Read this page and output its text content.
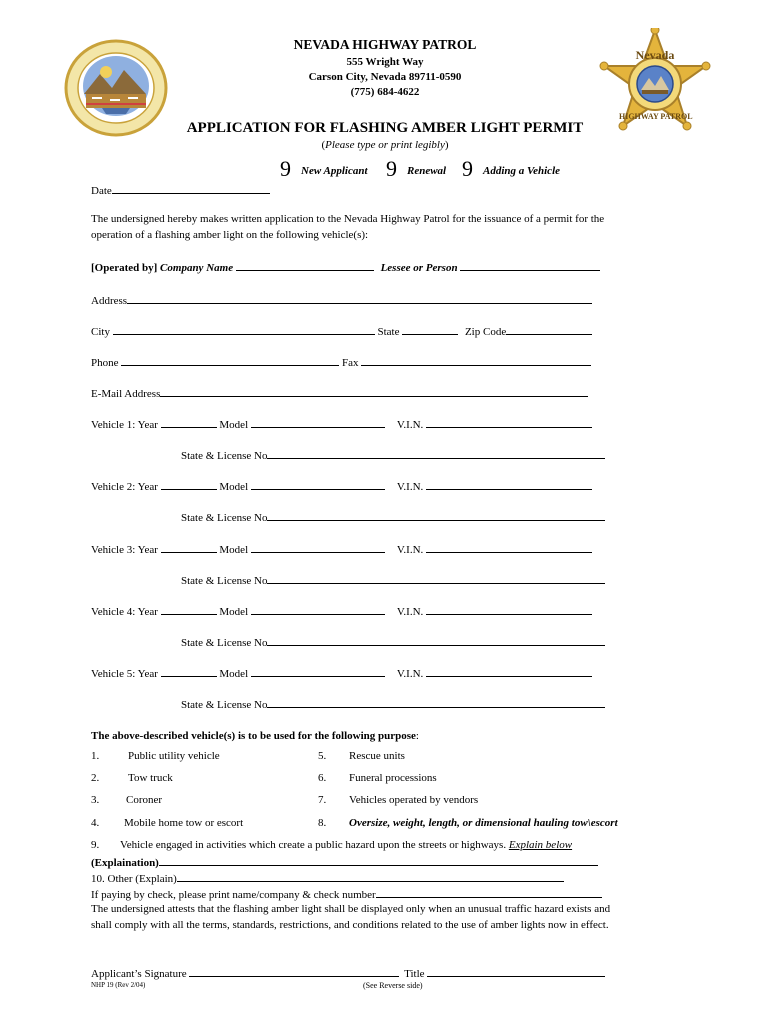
Nevada
HIGHWAY PATROL
NEVADA HIGHWAY PATROL
555 Wright Way
Carson City, Nevada 89711-0590
(775) 684-4622
APPLICATION FOR FLASHING AMBER LIGHT PERMIT
(Please type or print legibly)
9 New Applicant 9 Renewal 9 Adding a Vehicle
Date
The undersigned hereby makes written application to the Nevada Highway Patrol for the issuance of a permit for the
operation of a flashing amber light on the following vehicle(s):
[Operated by] Company Name	Lessee or Person
Address
City	State	Zip Code
Phone	Fax
E-Mail Address
Vehicle 1: Year	Model	V.I.N.
State & License No
Vehicle 2: Year	Model	V.I.N.
State & License No
Vehicle 3: Year	Model	V.I.N.
State & License No
Vehicle 4: Year	Model	V.I.N.
State & License No
Vehicle 5: Year	Model	V.I.N.
State & License No
The above-described vehicle(s) is to be used for the following purpose:
1.	Public utility vehicle	5. Rescue units
2.	Tow truck	6. Funeral processions
3. Coroner	7. Vehicles operated by vendors
4. Mobile home tow or escort	8. Oversize, weight, length, or dimensional hauling tow\escort
9. Vehicle engaged in activities which create a public hazard upon the streets or highways. Explain below
(Explaination)
10. Other (Explain)
If paying by check, please print name/company & check number
The undersigned attests that the flashing amber light shall be displayed only when an unusual traffic hazard exists and
shall comply with all the terms, standards, restrictions, and conditions related to the use of amber lights now in effect.
Applicant’s Signature	Title
NHP 19 (Rev 2/04)	(See Reverse side)
